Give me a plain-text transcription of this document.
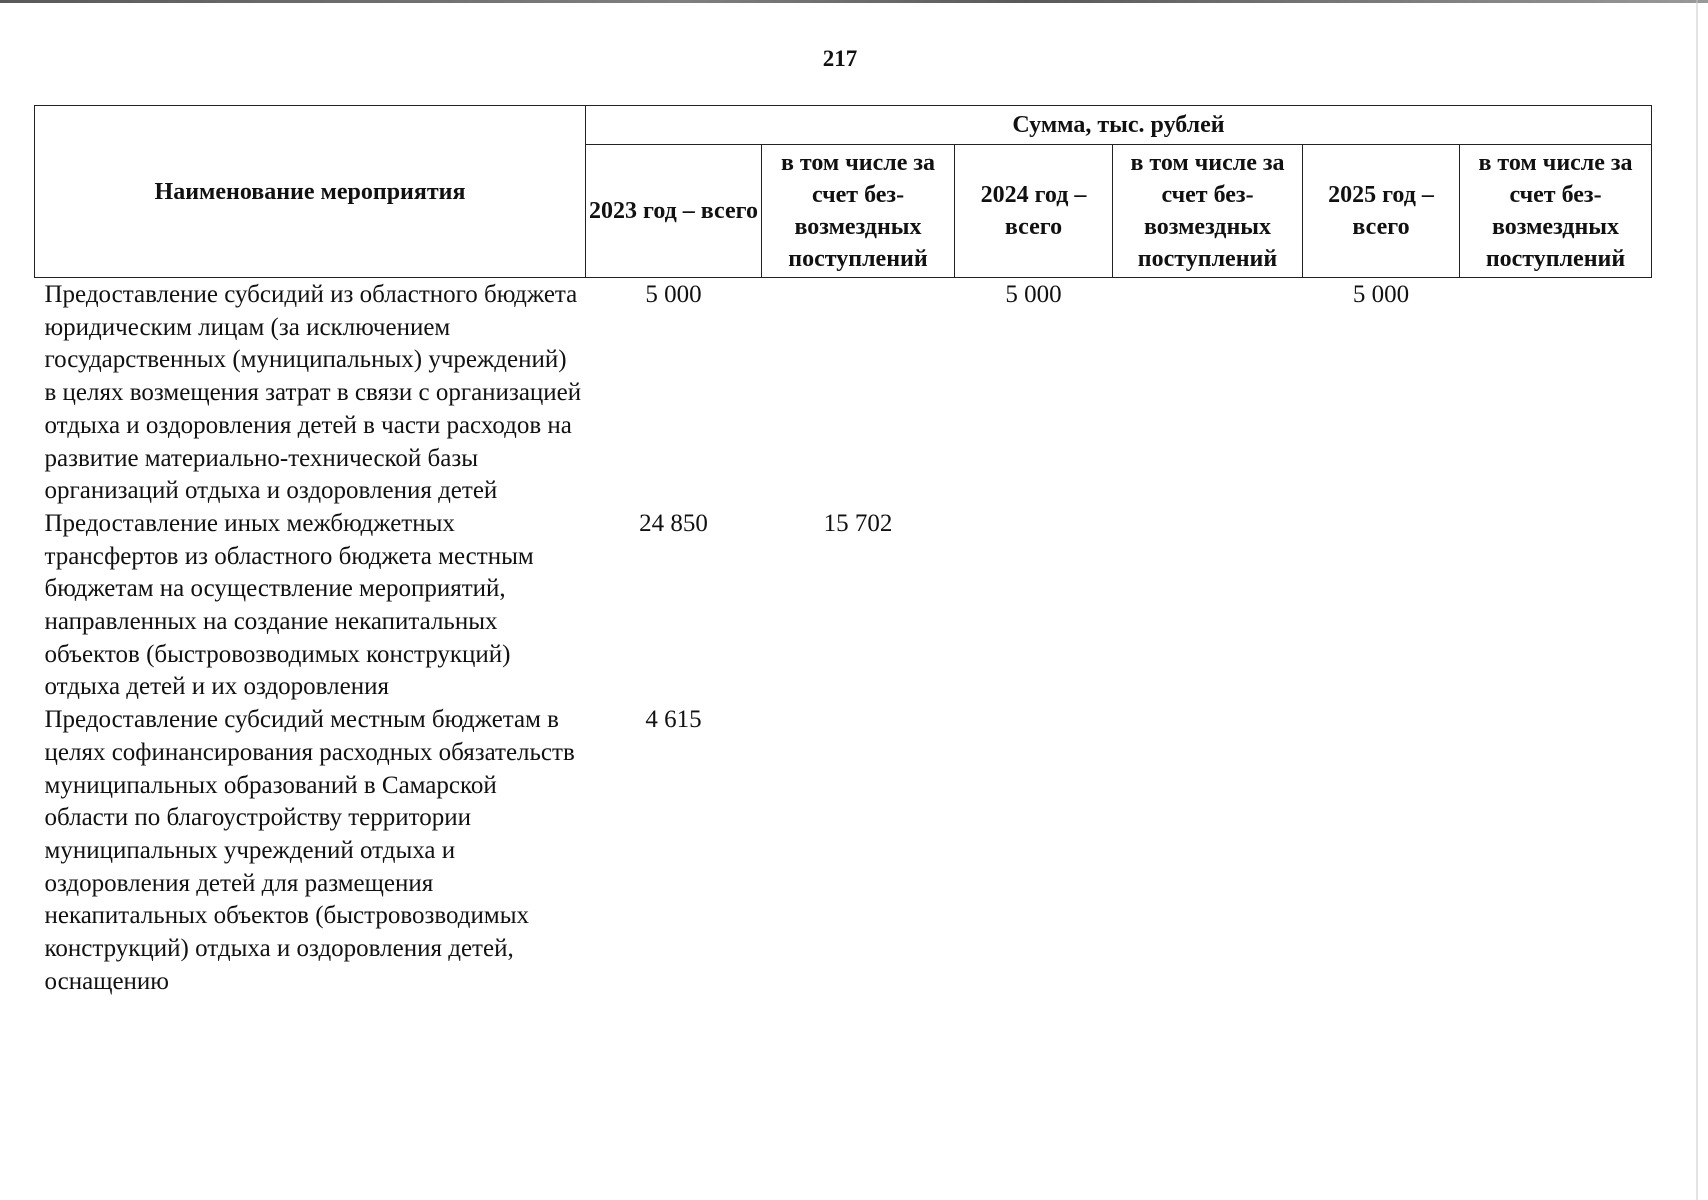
217
Наименование мероприятия	Сумма, тыс. рублей					
	2023 год – всего	в том числе за счет без-возмездных поступлений	2024 год – всего	в том числе за счет без-возмездных поступлений	2025 год – всего	в том числе за счет без-возмездных поступлений
Предоставление субсидий из областного бюджета юридическим лицам (за исключением государственных (муниципальных) учреждений) в целях возмещения затрат в связи с организацией отдыха и оздоровления детей в части расходов на развитие материально-технической базы организаций отдыха и оздоровления детей	5 000		5 000		5 000	
Предоставление иных межбюджетных трансфертов из областного бюджета местным бюджетам на осуществление мероприятий, направленных на создание некапитальных объектов (быстровозводимых конструкций) отдыха детей и их оздоровления	24 850	15 702				
Предоставление субсидий местным бюджетам в целях софинансирования расходных обязательств муниципальных образований в Самарской области по благоустройству территории муниципальных учреждений отдыха и оздоровления детей для размещения некапитальных объектов (быстровозводимых конструкций) отдыха и оздоровления детей, оснащению	4 615					
